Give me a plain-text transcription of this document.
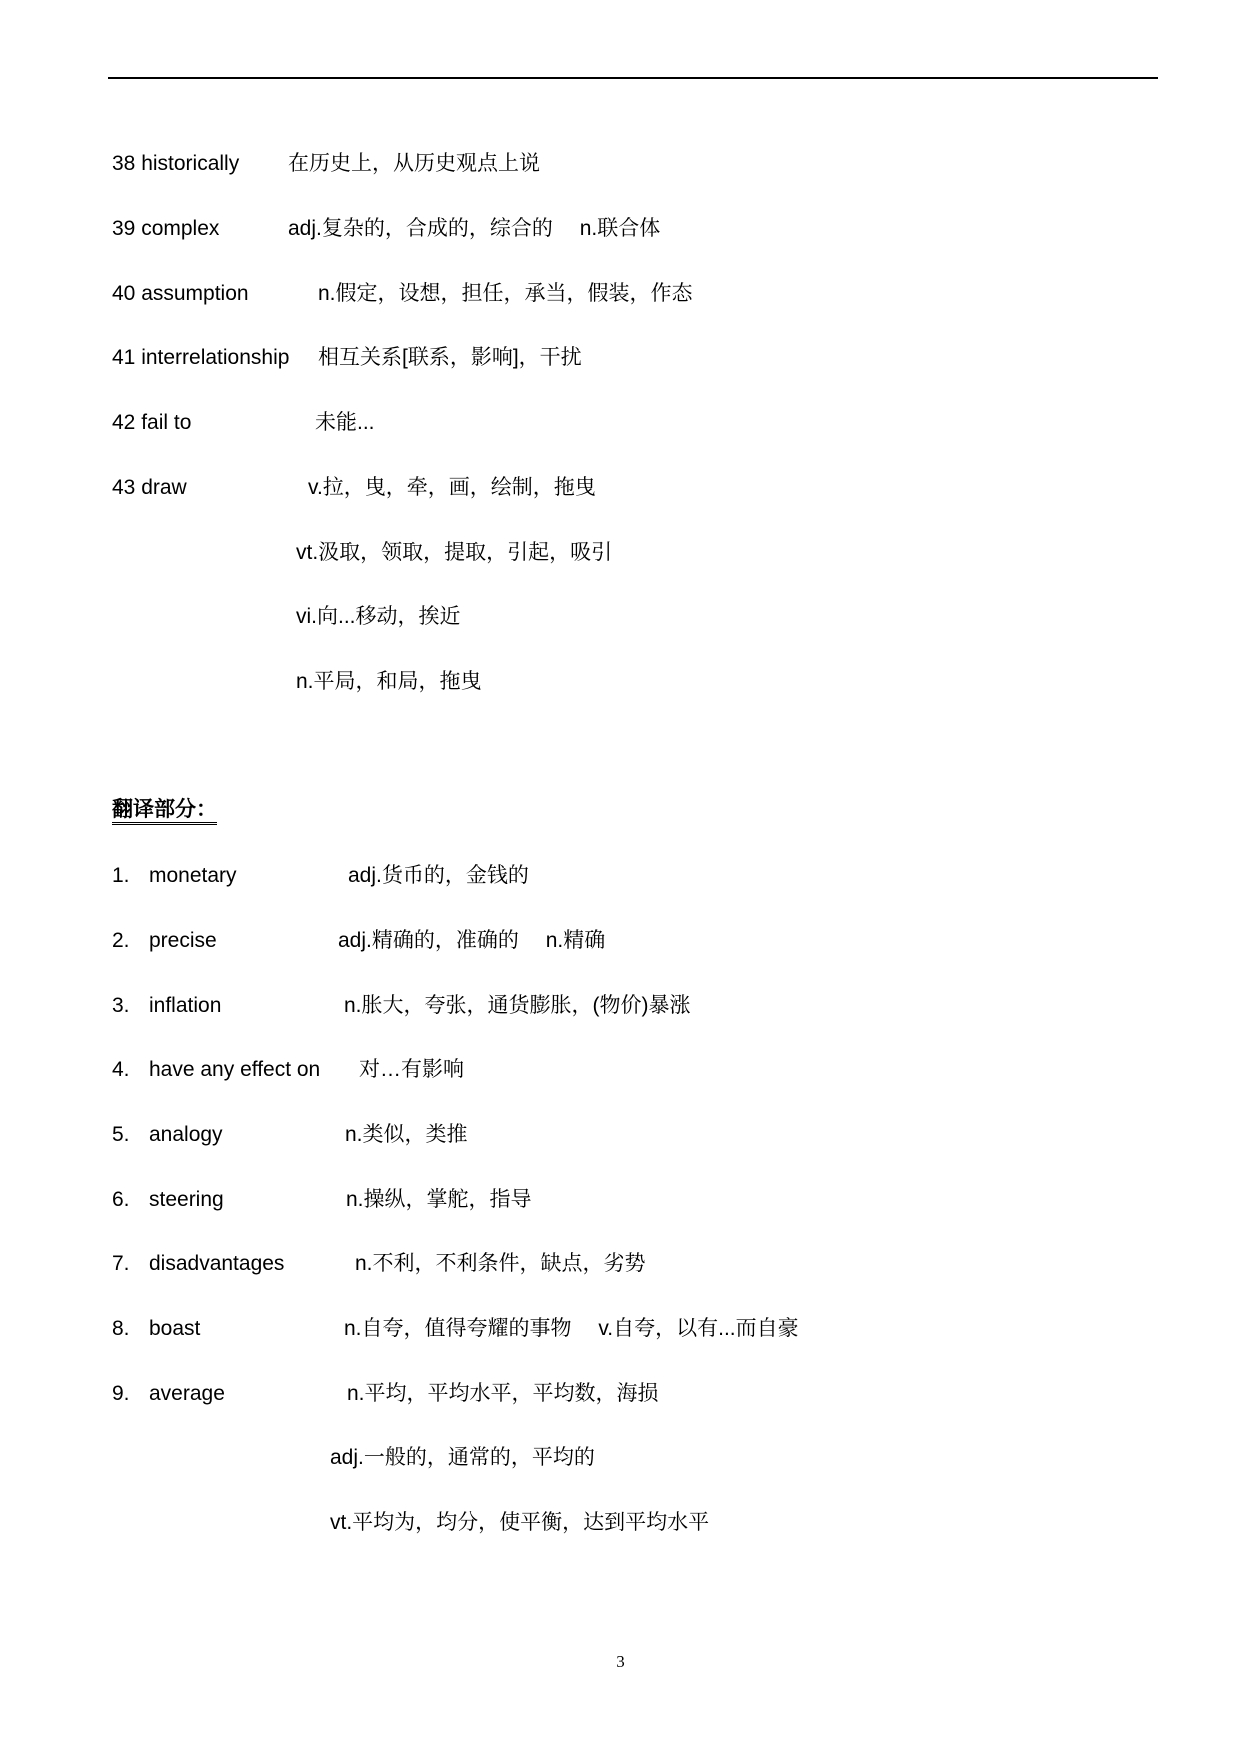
38 historically 在历史上，从历史观点上说
39 complex	adj.复杂的，合成的，综合的　 n.联合体
40 assumption	n.假定，设想，担任，承当，假装，作态
41 interrelationship 相互关系[联系，影响]，干扰
42 fail to	未能...
43 draw	v.拉，曳，牵，画，绘制，拖曳
vt.汲取，领取，提取，引起，吸引
vi.向...移动，挨近
n.平局，和局，拖曳
翻译部分：
1. monetary	adj.货币的，金钱的
2. precise	adj.精确的，准确的　 n.精确
3. inflation	n.胀大，夸张，通货膨胀，(物价)暴涨
4. have any effect on 对…有影响
5. analogy	n.类似，类推
6. steering	n.操纵，掌舵，指导
7. disadvantages	n.不利，不利条件，缺点，劣势
8. boast	n.自夸，值得夸耀的事物　 v.自夸，以有...而自豪
9. average	n.平均，平均水平，平均数，海损
adj.一般的，通常的，平均的
vt.平均为，均分，使平衡，达到平均水平
3
